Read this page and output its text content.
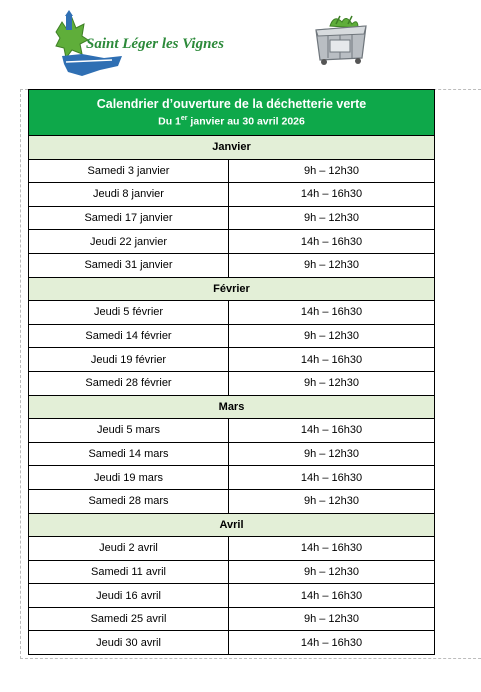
Saint Léger les Vignes
Calendrier d’ouverture de la déchetterie verte
Du 1er janvier au 30 avril 2026	

Janvier	
Samedi 3 janvier	9h – 12h30
Jeudi 8 janvier	14h – 16h30
Samedi 17 janvier	9h – 12h30
Jeudi 22 janvier	14h – 16h30
Samedi 31 janvier	9h – 12h30
Février	
Jeudi 5 février	14h – 16h30
Samedi 14 février	9h – 12h30
Jeudi 19 février	14h – 16h30
Samedi 28 février	9h – 12h30
Mars	
Jeudi 5 mars	14h – 16h30
Samedi 14 mars	9h – 12h30
Jeudi 19 mars	14h – 16h30
Samedi 28 mars	9h – 12h30
Avril	
Jeudi 2 avril	14h – 16h30
Samedi 11 avril	9h – 12h30
Jeudi 16 avril	14h – 16h30
Samedi 25 avril	9h – 12h30
Jeudi 30 avril	14h – 16h30
